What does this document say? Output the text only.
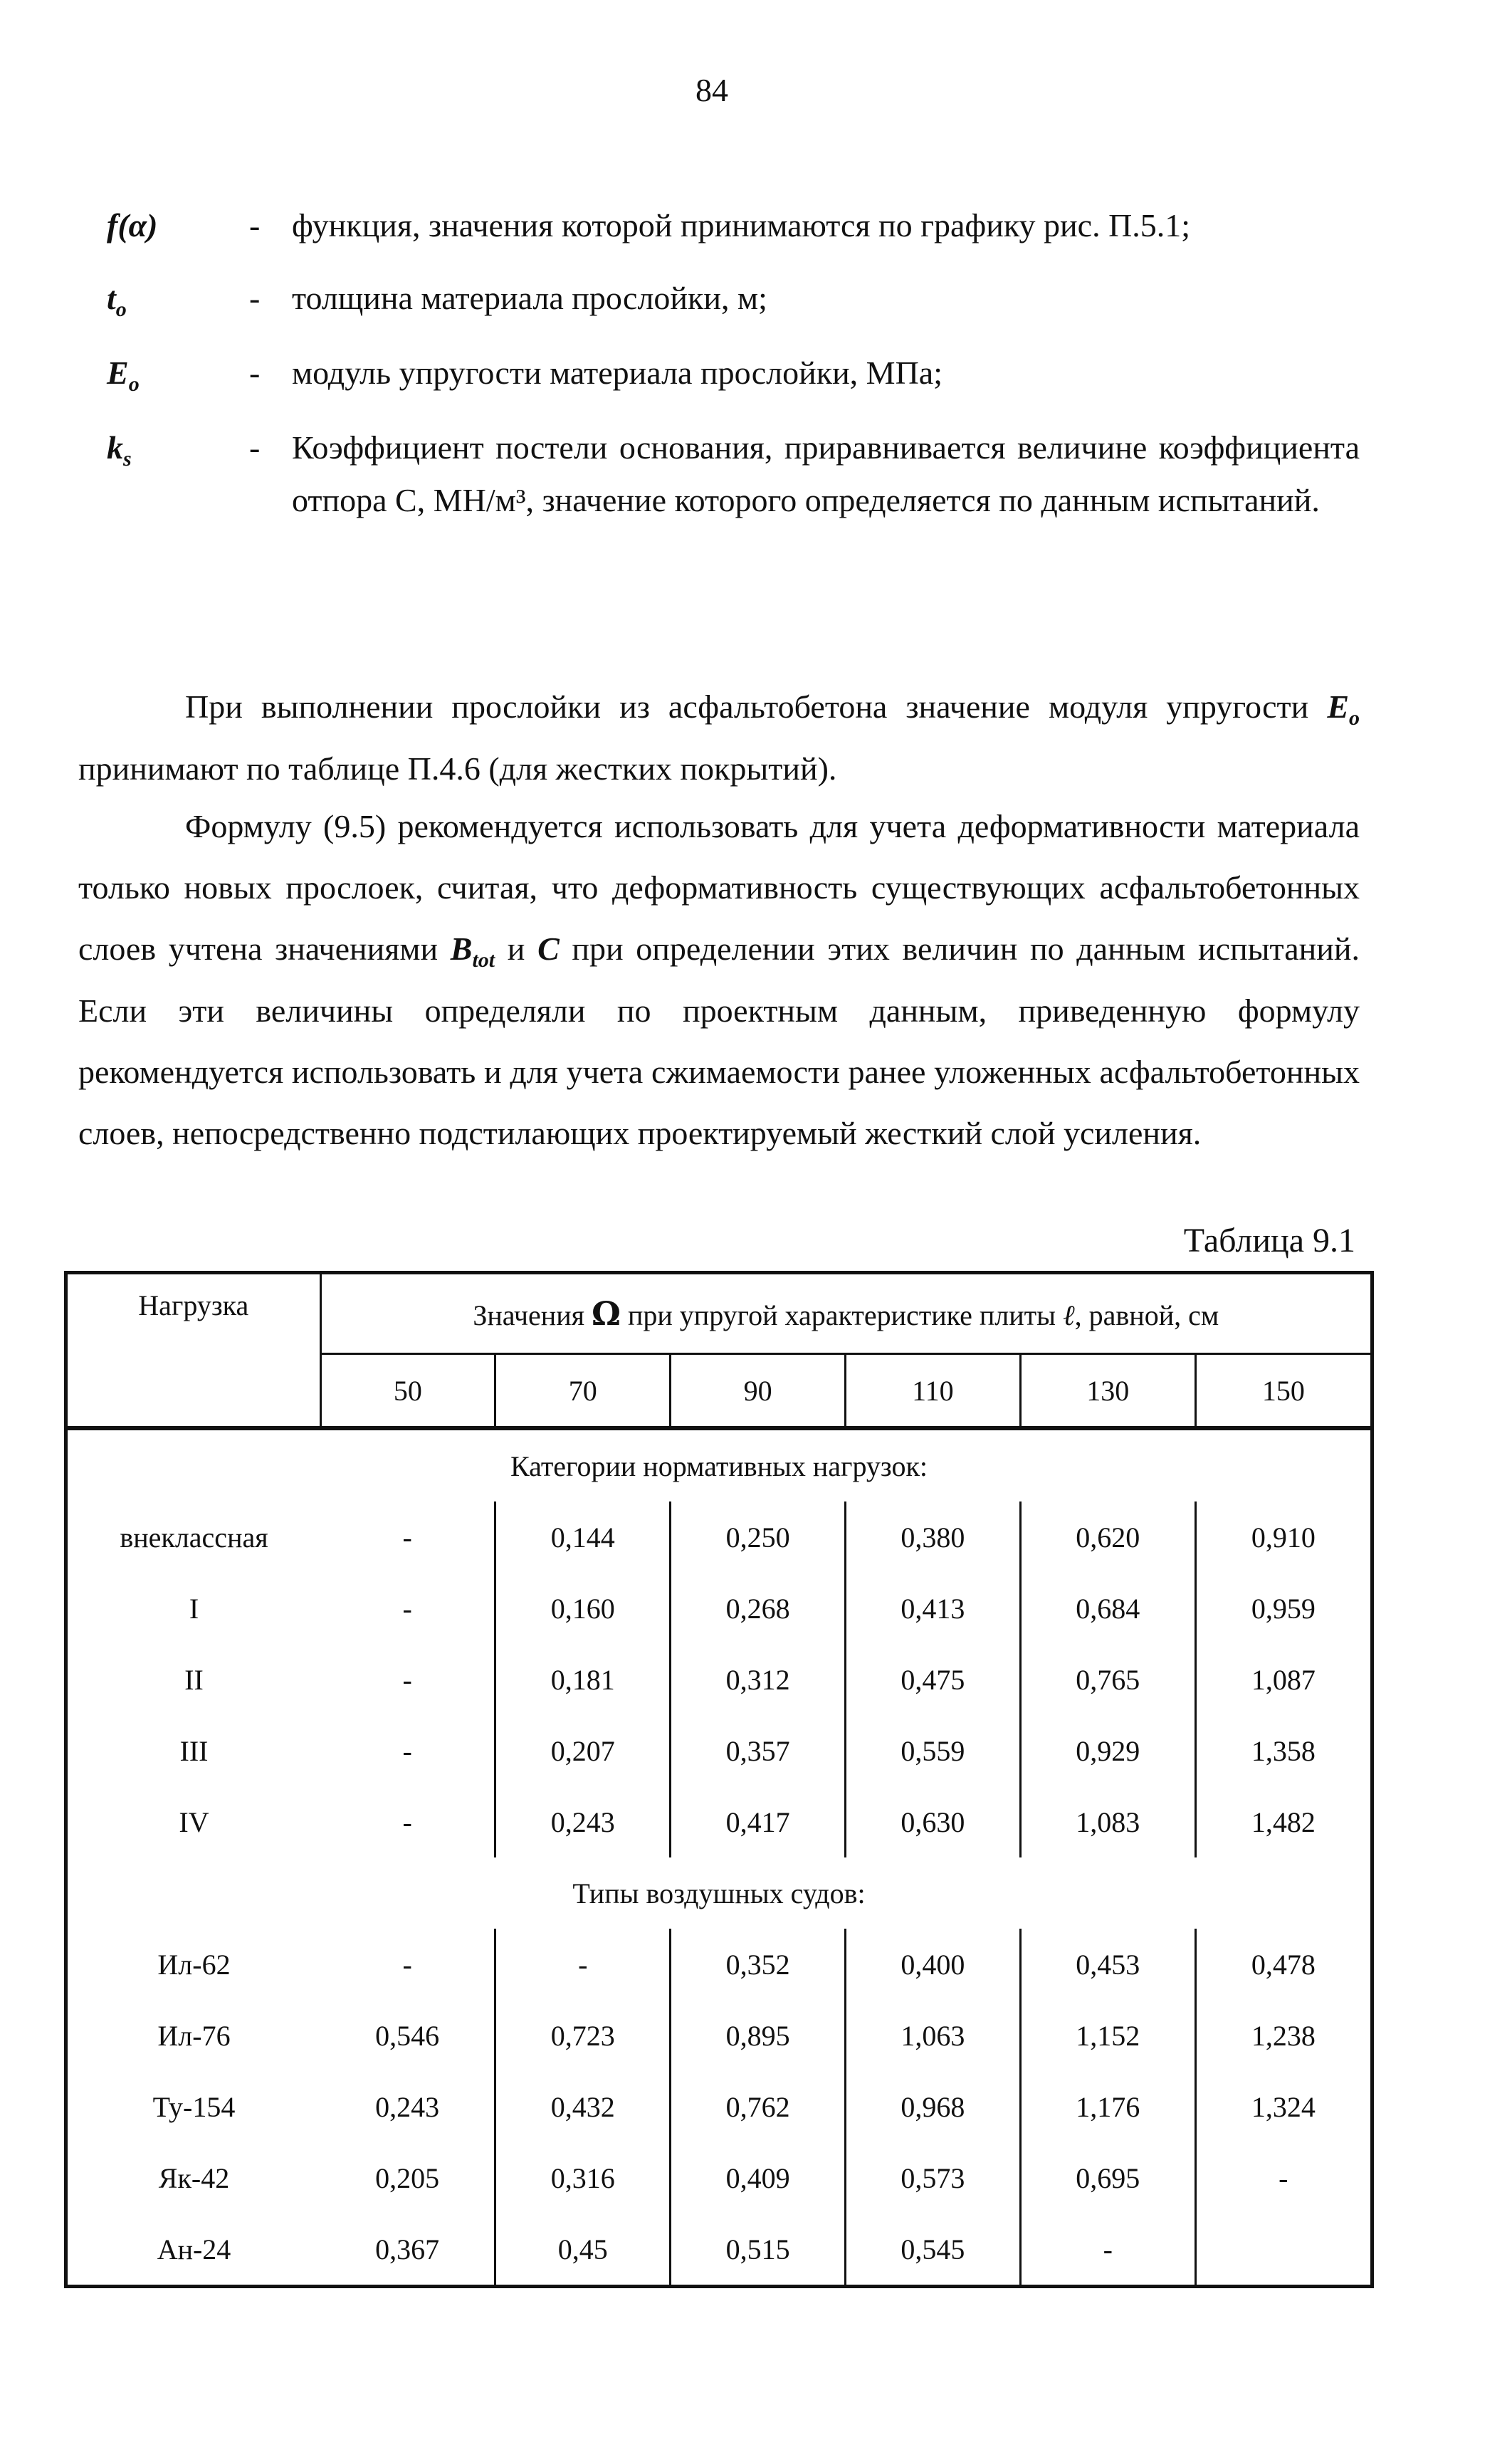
84
f(α)	- функция, значения которой принимаются по графику рис. П.5.1;
$t_o$	- толщина материала прослойки, м;
$E_o$	- модуль упругости материала прослойки, МПа;
$k_s$	- Коэффициент постели основания, приравнивается величине коэффициента отпора C, МН/м³, значение которого определяется по данным испытаний.

При выполнении прослойки из асфальтобетона значение модуля упругости $E_o$ принимают по таблице П.4.6 (для жестких покрытий).

Формулу (9.5) рекомендуется использовать для учета деформативности материала только новых прослоек, считая, что деформативность существующих асфальтобетонных слоев учтена значениями $B_{tot}$ и C при определении этих величин по данным испытаний. Если эти величины определяли по проектным данным, приведенную формулу рекомендуется использовать и для учета сжимаемости ранее уложенных асфальтобетонных слоев, непосредственно подстилающих проектируемый жесткий слой усиления.

Таблица 9.1
Нагрузка	Значения Ω при упругой характеристике плиты ℓ, равной, см					
	50	70	90	110	130	150
Категории нормативных нагрузок:						
внеклассная	-	0,144	0,250	0,380	0,620	0,910
I	-	0,160	0,268	0,413	0,684	0,959
II	-	0,181	0,312	0,475	0,765	1,087
III	-	0,207	0,357	0,559	0,929	1,358
IV	-	0,243	0,417	0,630	1,083	1,482
Типы воздушных судов:						
Ил-62	-	-	0,352	0,400	0,453	0,478
Ил-76	0,546	0,723	0,895	1,063	1,152	1,238
Ту-154	0,243	0,432	0,762	0,968	1,176	1,324
Як-42	0,205	0,316	0,409	0,573	0,695	-
Ан-24	0,367	0,45	0,515	0,545	-	
